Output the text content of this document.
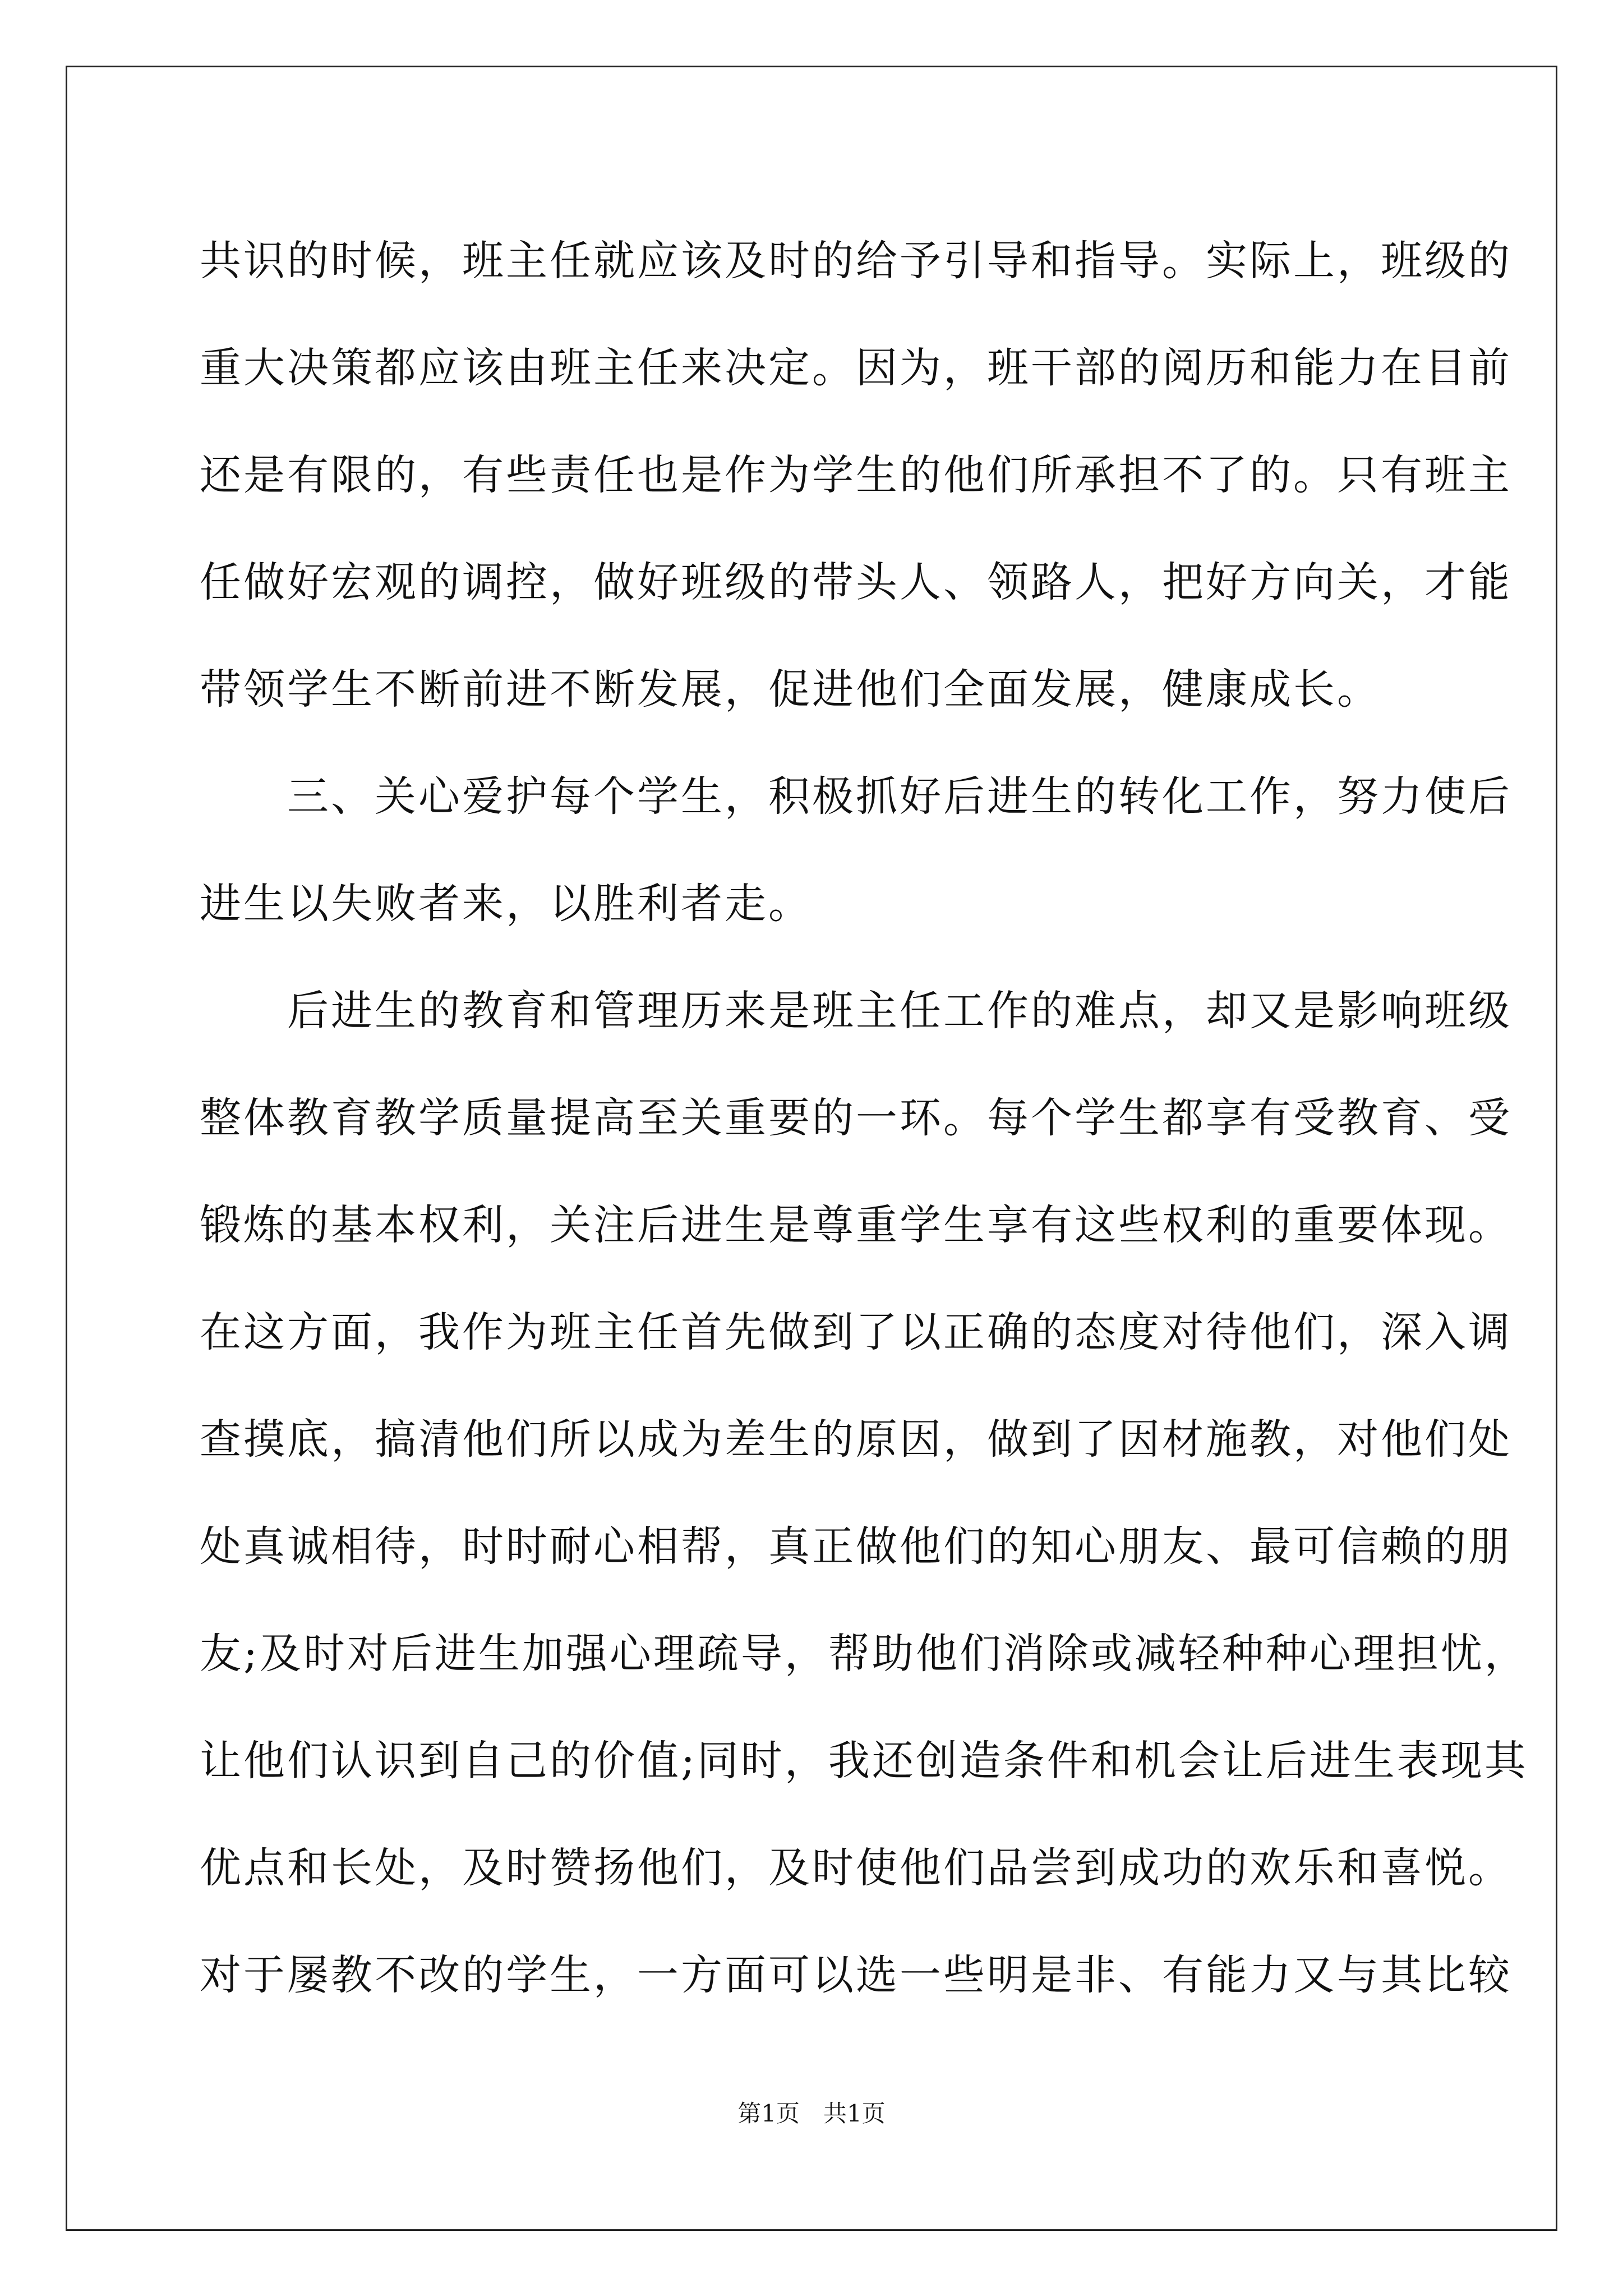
共识的时候，班主任就应该及时的给予引导和指导。实际上，班级的
重大决策都应该由班主任来决定。因为，班干部的阅历和能力在目前
还是有限的，有些责任也是作为学生的他们所承担不了的。只有班主
任做好宏观的调控，做好班级的带头人、领路人，把好方向关，才能
带领学生不断前进不断发展，促进他们全面发展，健康成长。
　　三、关心爱护每个学生，积极抓好后进生的转化工作，努力使后
进生以失败者来，以胜利者走。
　　后进生的教育和管理历来是班主任工作的难点，却又是影响班级
整体教育教学质量提高至关重要的一环。每个学生都享有受教育、受
锻炼的基本权利，关注后进生是尊重学生享有这些权利的重要体现。
在这方面，我作为班主任首先做到了以正确的态度对待他们，深入调
查摸底，搞清他们所以成为差生的原因，做到了因材施教，对他们处
处真诚相待，时时耐心相帮，真正做他们的知心朋友、最可信赖的朋
友;及时对后进生加强心理疏导，帮助他们消除或减轻种种心理担忧，
让他们认识到自己的价值;同时，我还创造条件和机会让后进生表现其
优点和长处，及时赞扬他们，及时使他们品尝到成功的欢乐和喜悦。
对于屡教不改的学生，一方面可以选一些明是非、有能力又与其比较
第1页　共1页
